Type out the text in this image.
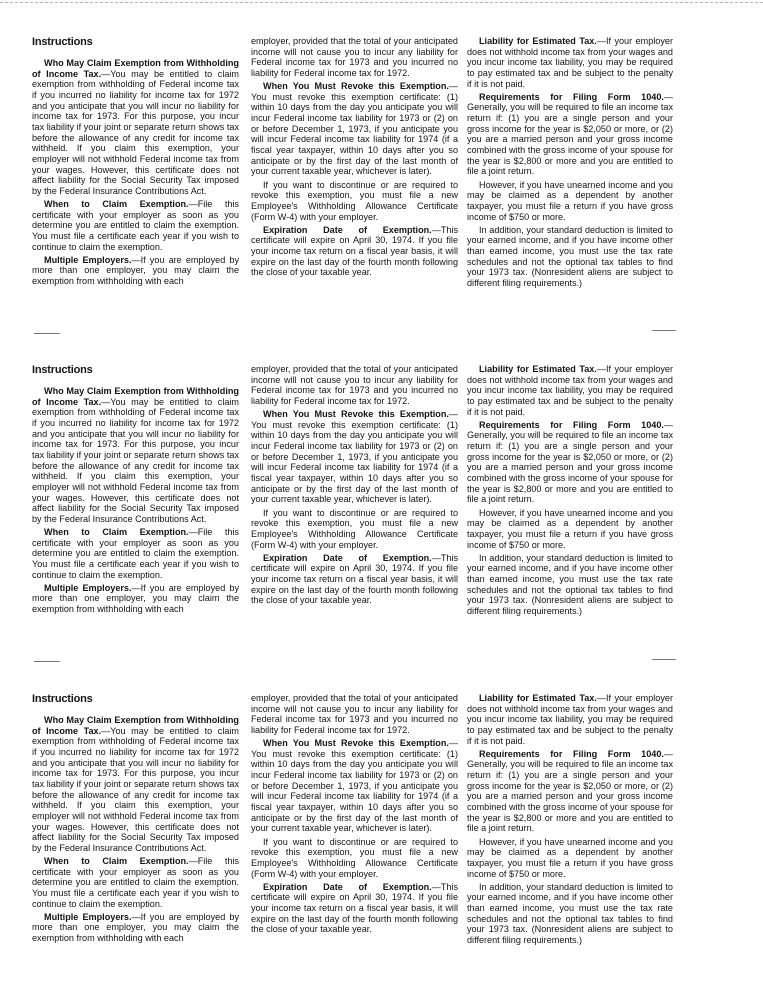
Instructions

Who May Claim Exemption from Withholding of Income Tax.—You may be entitled to claim exemption from withholding of Federal income tax if you incurred no liability for income tax for 1972 and you anticipate that you will incur no liability for income tax for 1973. For this purpose, you incur tax liability if your joint or separate return shows tax before the allowance of any credit for income tax withheld. If you claim this exemption, your employer will not withhold Federal income tax from your wages. However, this certificate does not affect liability for the Social Security Tax imposed by the Federal Insurance Contributions Act.

When to Claim Exemption.—File this certificate with your employer as soon as you determine you are entitled to claim the exemption. You must file a certificate each year if you wish to continue to claim the exemption.

Multiple Employers.—If you are employed by more than one employer, you may claim the exemption from withholding with each

employer, provided that the total of your anticipated income will not cause you to incur any liability for Federal income tax for 1973 and you incurred no liability for Federal income tax for 1972.

When You Must Revoke this Exemption.—You must revoke this exemption certificate: (1) within 10 days from the day you anticipate you will incur Federal income tax liability for 1973 or (2) on or before December 1, 1973, if you anticipate you will incur Federal income tax liability for 1974 (if a fiscal year taxpayer, within 10 days after you so anticipate or by the first day of the last month of your current taxable year, whichever is later).

If you want to discontinue or are required to revoke this exemption, you must file a new Employee's Withholding Allowance Certificate (Form W-4) with your employer.

Expiration Date of Exemption.—This certificate will expire on April 30, 1974. If you file your income tax return on a fiscal year basis, it will expire on the last day of the fourth month following the close of your taxable year.

Liability for Estimated Tax.—If your employer does not withhold income tax from your wages and you incur income tax liability, you may be required to pay estimated tax and be subject to the penalty if it is not paid.

Requirements for Filing Form 1040.—Generally, you will be required to file an income tax return if: (1) you are a single person and your gross income for the year is $2,050 or more, or (2) you are a married person and your gross income combined with the gross income of your spouse for the year is $2,800 or more and you are entitled to file a joint return.

However, if you have unearned income and you may be claimed as a dependent by another taxpayer, you must file a return if you have gross income of $750 or more.

In addition, your standard deduction is limited to your earned income, and if you have income other than earned income, you must use the tax rate schedules and not the optional tax tables to find your 1973 tax. (Nonresident aliens are subject to different filing requirements.)

Instructions

Who May Claim Exemption from Withholding of Income Tax.—You may be entitled to claim exemption from withholding of Federal income tax if you incurred no liability for income tax for 1972 and you anticipate that you will incur no liability for income tax for 1973. For this purpose, you incur tax liability if your joint or separate return shows tax before the allowance of any credit for income tax withheld. If you claim this exemption, your employer will not withhold Federal income tax from your wages. However, this certificate does not affect liability for the Social Security Tax imposed by the Federal Insurance Contributions Act.

When to Claim Exemption.—File this certificate with your employer as soon as you determine you are entitled to claim the exemption. You must file a certificate each year if you wish to continue to claim the exemption.

Multiple Employers.—If you are employed by more than one employer, you may claim the exemption from withholding with each

employer, provided that the total of your anticipated income will not cause you to incur any liability for Federal income tax for 1973 and you incurred no liability for Federal income tax for 1972.

When You Must Revoke this Exemption.—You must revoke this exemption certificate: (1) within 10 days from the day you anticipate you will incur Federal income tax liability for 1973 or (2) on or before December 1, 1973, if you anticipate you will incur Federal income tax liability for 1974 (if a fiscal year taxpayer, within 10 days after you so anticipate or by the first day of the last month of your current taxable year, whichever is later).

If you want to discontinue or are required to revoke this exemption, you must file a new Employee's Withholding Allowance Certificate (Form W-4) with your employer.

Expiration Date of Exemption.—This certificate will expire on April 30, 1974. If you file your income tax return on a fiscal year basis, it will expire on the last day of the fourth month following the close of your taxable year.

Liability for Estimated Tax.—If your employer does not withhold income tax from your wages and you incur income tax liability, you may be required to pay estimated tax and be subject to the penalty if it is not paid.

Requirements for Filing Form 1040.—Generally, you will be required to file an income tax return if: (1) you are a single person and your gross income for the year is $2,050 or more, or (2) you are a married person and your gross income combined with the gross income of your spouse for the year is $2,800 or more and you are entitled to file a joint return.

However, if you have unearned income and you may be claimed as a dependent by another taxpayer, you must file a return if you have gross income of $750 or more.

In addition, your standard deduction is limited to your earned income, and if you have income other than earned income, you must use the tax rate schedules and not the optional tax tables to find your 1973 tax. (Nonresident aliens are subject to different filing requirements.)

Instructions

Who May Claim Exemption from Withholding of Income Tax.—You may be entitled to claim exemption from withholding of Federal income tax if you incurred no liability for income tax for 1972 and you anticipate that you will incur no liability for income tax for 1973. For this purpose, you incur tax liability if your joint or separate return shows tax before the allowance of any credit for income tax withheld. If you claim this exemption, your employer will not withhold Federal income tax from your wages. However, this certificate does not affect liability for the Social Security Tax imposed by the Federal Insurance Contributions Act.

When to Claim Exemption.—File this certificate with your employer as soon as you determine you are entitled to claim the exemption. You must file a certificate each year if you wish to continue to claim the exemption.

Multiple Employers.—If you are employed by more than one employer, you may claim the exemption from withholding with each

employer, provided that the total of your anticipated income will not cause you to incur any liability for Federal income tax for 1973 and you incurred no liability for Federal income tax for 1972.

When You Must Revoke this Exemption.—You must revoke this exemption certificate: (1) within 10 days from the day you anticipate you will incur Federal income tax liability for 1973 or (2) on or before December 1, 1973, if you anticipate you will incur Federal income tax liability for 1974 (if a fiscal year taxpayer, within 10 days after you so anticipate or by the first day of the last month of your current taxable year, whichever is later).

If you want to discontinue or are required to revoke this exemption, you must file a new Employee's Withholding Allowance Certificate (Form W-4) with your employer.

Expiration Date of Exemption.—This certificate will expire on April 30, 1974. If you file your income tax return on a fiscal year basis, it will expire on the last day of the fourth month following the close of your taxable year.

Liability for Estimated Tax.—If your employer does not withhold income tax from your wages and you incur income tax liability, you may be required to pay estimated tax and be subject to the penalty if it is not paid.

Requirements for Filing Form 1040.—Generally, you will be required to file an income tax return if: (1) you are a single person and your gross income for the year is $2,050 or more, or (2) you are a married person and your gross income combined with the gross income of your spouse for the year is $2,800 or more and you are entitled to file a joint return.

However, if you have unearned income and you may be claimed as a dependent by another taxpayer, you must file a return if you have gross income of $750 or more.

In addition, your standard deduction is limited to your earned income, and if you have income other than earned income, you must use the tax rate schedules and not the optional tax tables to find your 1973 tax. (Nonresident aliens are subject to different filing requirements.)
